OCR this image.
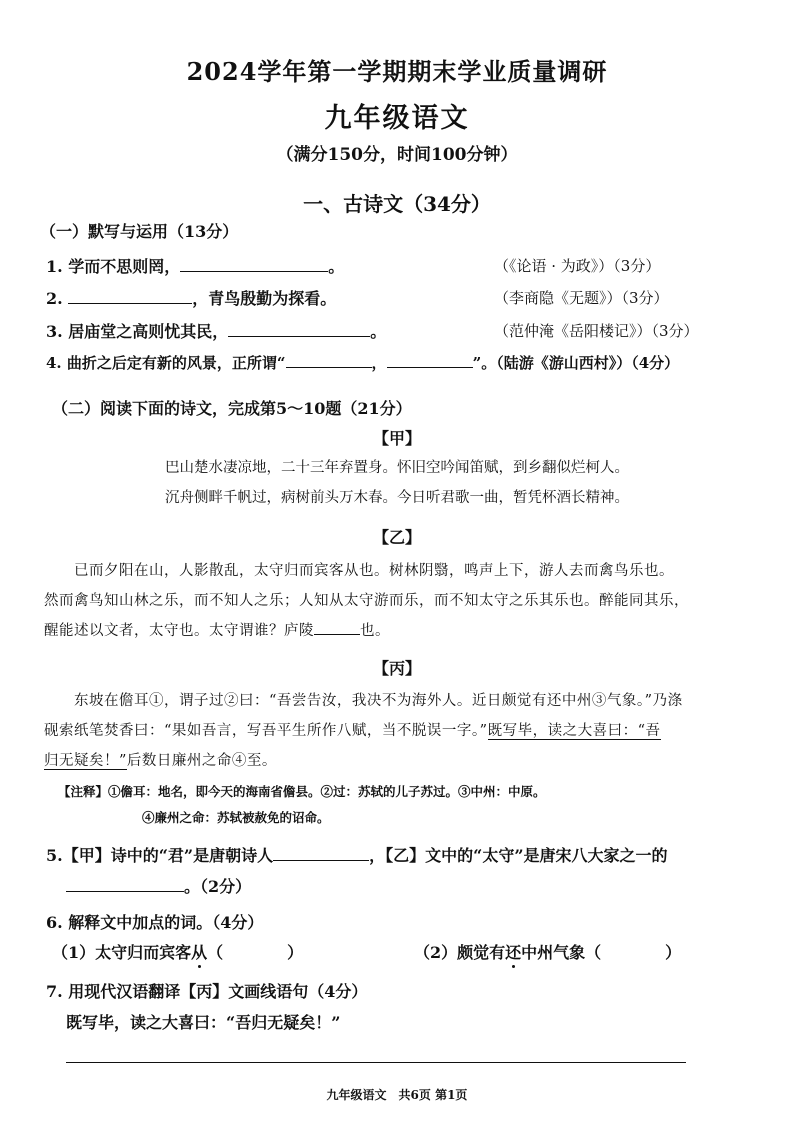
2024学年第一学期期末学业质量调研
九年级语文
（满分150分，时间100分钟）
一、古诗文（34分）
（一）默写与运用（13分）
1. 学而不思则罔，	。	（《论语 · 为政》）（3分）
2.	，青鸟殷勤为探看。	（李商隐《无题》）（3分）
3. 居庙堂之高则忧其民，	。	（范仲淹《岳阳楼记》）（3分）
4. 曲折之后定有新的风景，正所谓“	，	”。（陆游《游山西村》）（4分）
（二）阅读下面的诗文，完成第5～10题（21分）
【甲】
巴山楚水凄凉地，二十三年弃置身。怀旧空吟闻笛赋，到乡翻似烂柯人。
沉舟侧畔千帆过，病树前头万木春。今日听君歌一曲，暂凭杯酒长精神。
【乙】
已而夕阳在山，人影散乱，太守归而宾客从也。树林阴翳，鸣声上下，游人去而禽鸟乐也。
然而禽鸟知山林之乐，而不知人之乐；人知从太守游而乐，而不知太守之乐其乐也。醉能同其乐，
醒能述以文者，太守也。太守谓谁？庐陵	也。
【丙】
东坡在儋耳①，谓子过②曰：“吾尝告汝，我决不为海外人。近日颇觉有还中州③气象。”乃涤
砚索纸笔焚香曰：“果如吾言，写吾平生所作八赋，当不脱误一字。”既写毕，读之大喜曰：“吾
归无疑矣！”后数日廉州之命④至。
【注释】①儋耳：地名，即今天的海南省儋县。②过：苏轼的儿子苏过。③中州：中原。
④廉州之命：苏轼被赦免的诏命。
5.【甲】诗中的“君”是唐朝诗人	，【乙】文中的“太守”是唐宋八大家之一的
。（2分）
6. 解释文中加点的词。（4分）
（1）太守归而宾客从（　　　　）	（2）颇觉有还中州气象（　　　　）
7. 用现代汉语翻译【丙】文画线语句（4分）
既写毕，读之大喜曰：“吾归无疑矣！”
九年级语文　共6页 第1页
